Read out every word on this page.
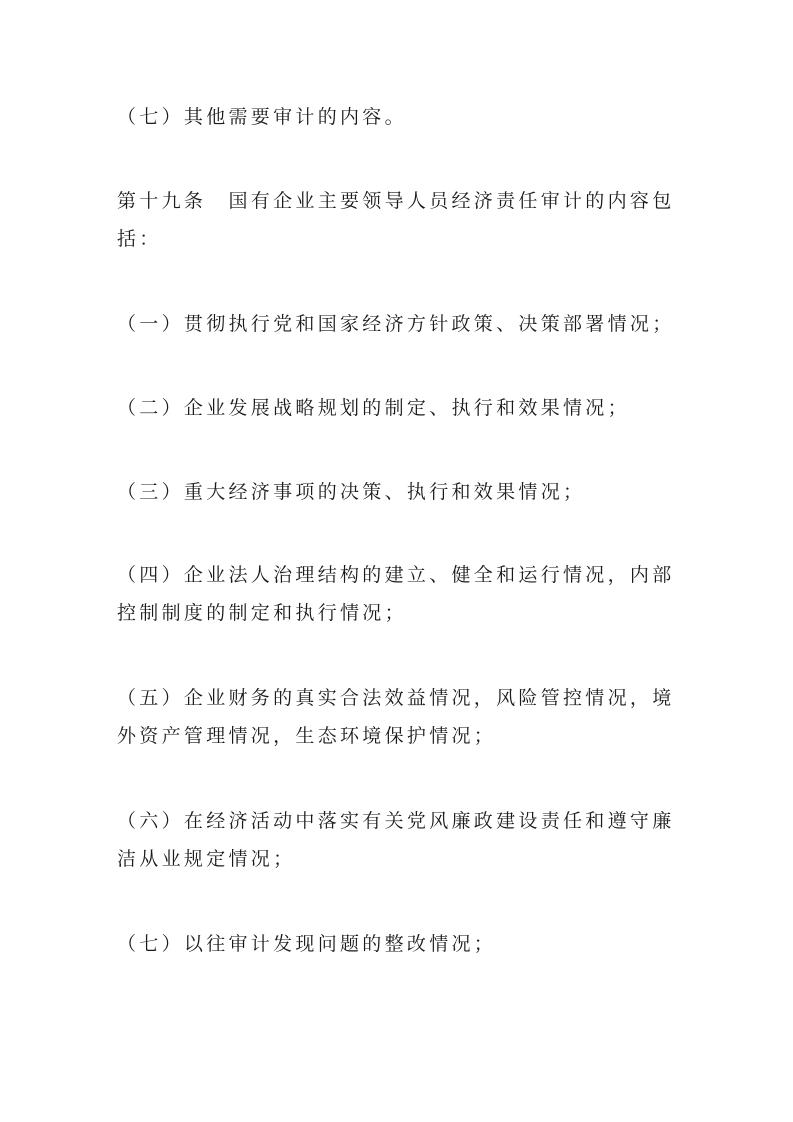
（七）其他需要审计的内容。

第十九条　国有企业主要领导人员经济责任审计的内容包括：

（一）贯彻执行党和国家经济方针政策、决策部署情况；

（二）企业发展战略规划的制定、执行和效果情况；

（三）重大经济事项的决策、执行和效果情况；

（四）企业法人治理结构的建立、健全和运行情况，内部控制制度的制定和执行情况；

（五）企业财务的真实合法效益情况，风险管控情况，境外资产管理情况，生态环境保护情况；

（六）在经济活动中落实有关党风廉政建设责任和遵守廉洁从业规定情况；

（七）以往审计发现问题的整改情况；
